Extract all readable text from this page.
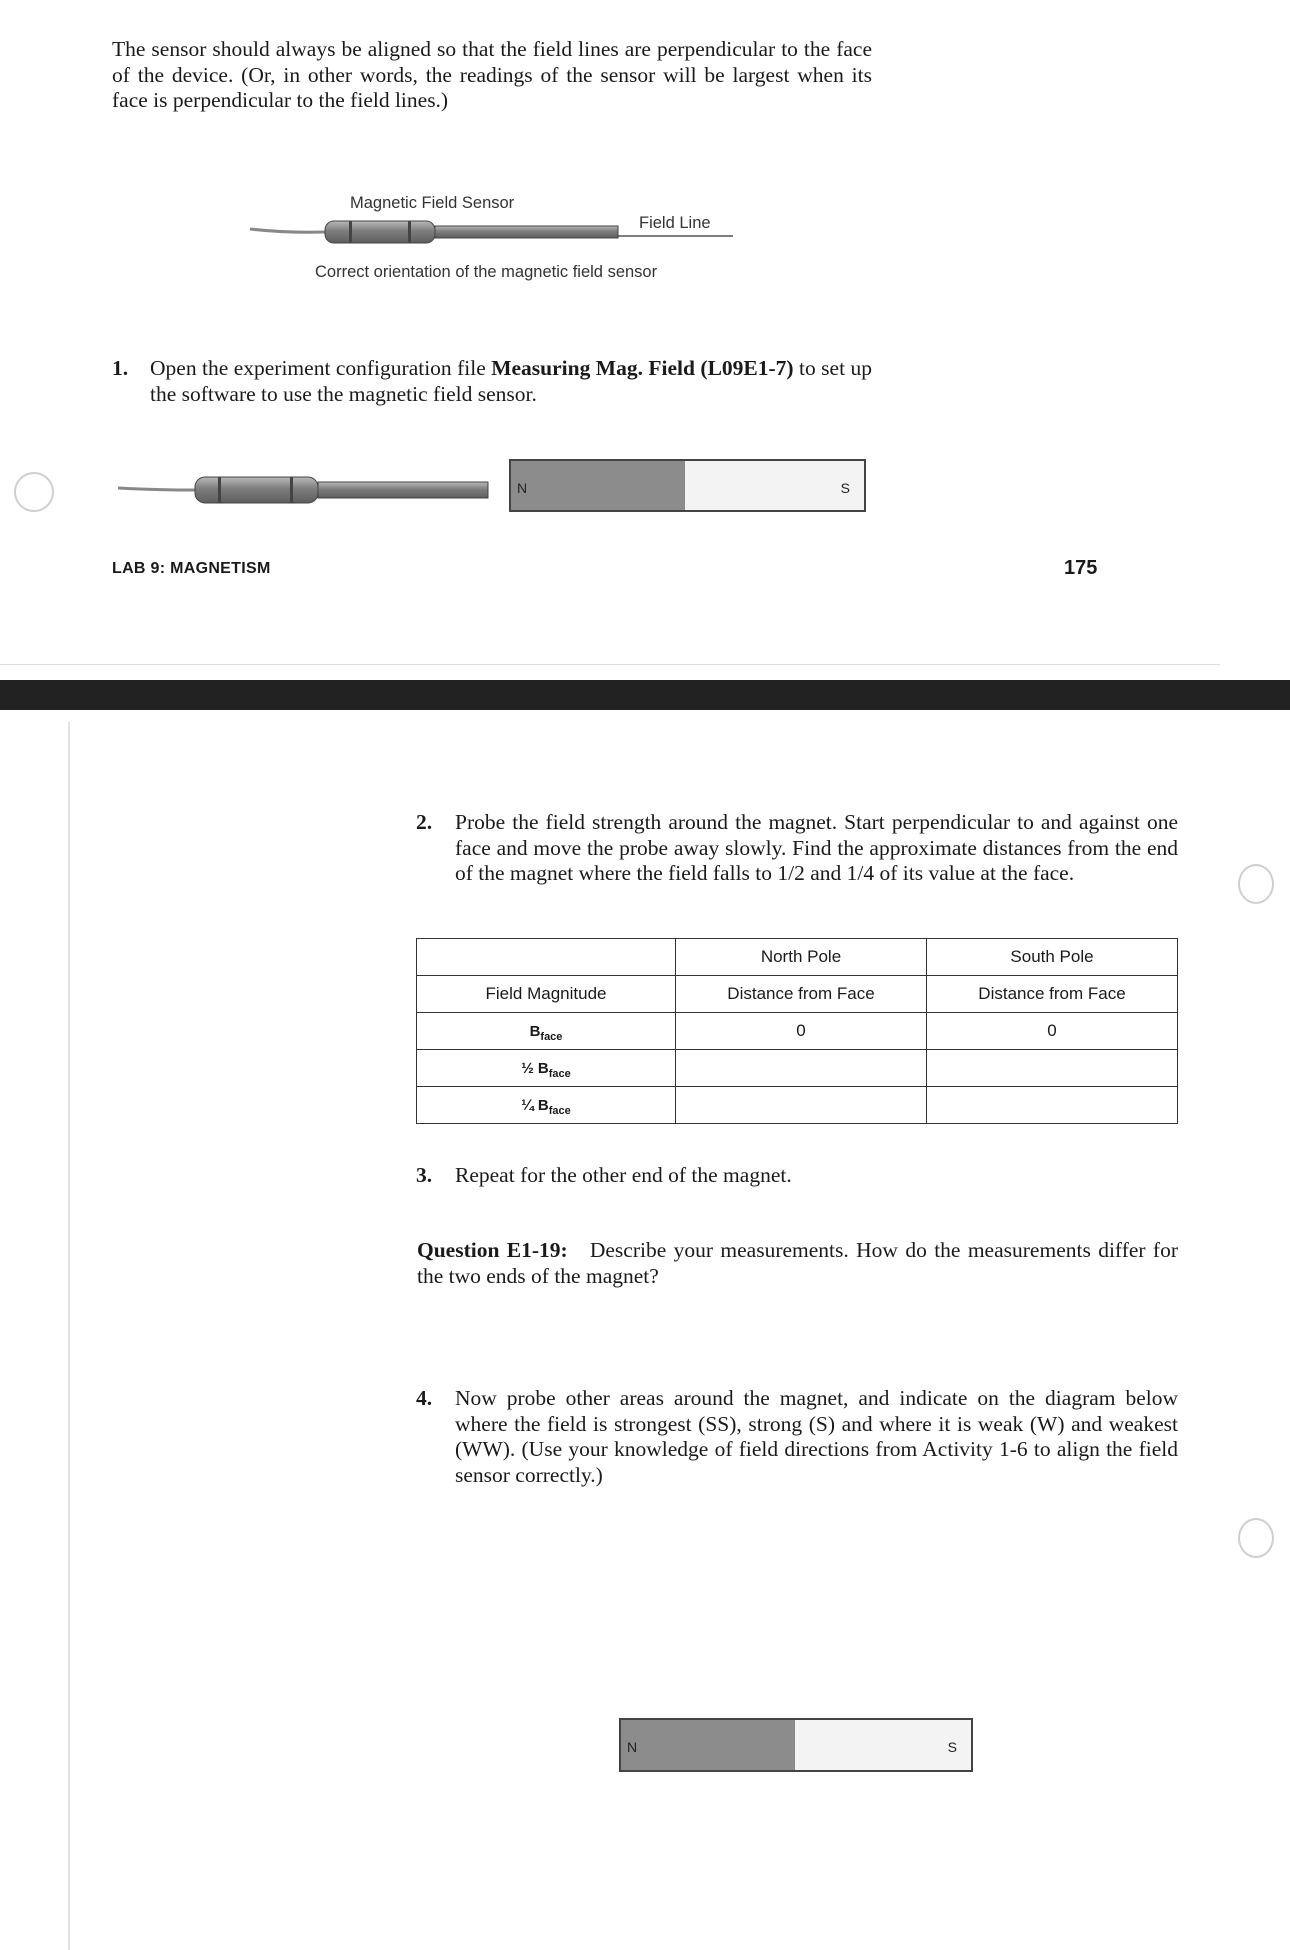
The sensor should always be aligned so that the field lines are perpendicular to the face of the device. (Or, in other words, the readings of the sensor will be largest when its face is perpendicular to the field lines.)
Magnetic Field Sensor
Field Line
Correct orientation of the magnetic field sensor
1. Open the experiment configuration file Measuring Mag. Field (L09E1-7) to set up the software to use the magnetic field sensor.
N	S
LAB 9: MAGNETISM	175
2. Probe the field strength around the magnet. Start perpendicular to and against one face and move the probe away slowly. Find the approximate distances from the end of the magnet where the field falls to 1/2 and 1/4 of its value at the face.
	North Pole	South Pole
Field Magnitude	Distance from Face	Distance from Face
$B_{face}$	0	0
½ $B_{face}$		
¼ $B_{face}$		
3. Repeat for the other end of the magnet.
Question E1-19: Describe your measurements. How do the measurements differ for the two ends of the magnet?
4. Now probe other areas around the magnet, and indicate on the diagram below where the field is strongest (SS), strong (S) and where it is weak (W) and weakest (WW). (Use your knowledge of field directions from Activity 1-6 to align the field sensor correctly.)
N	S
